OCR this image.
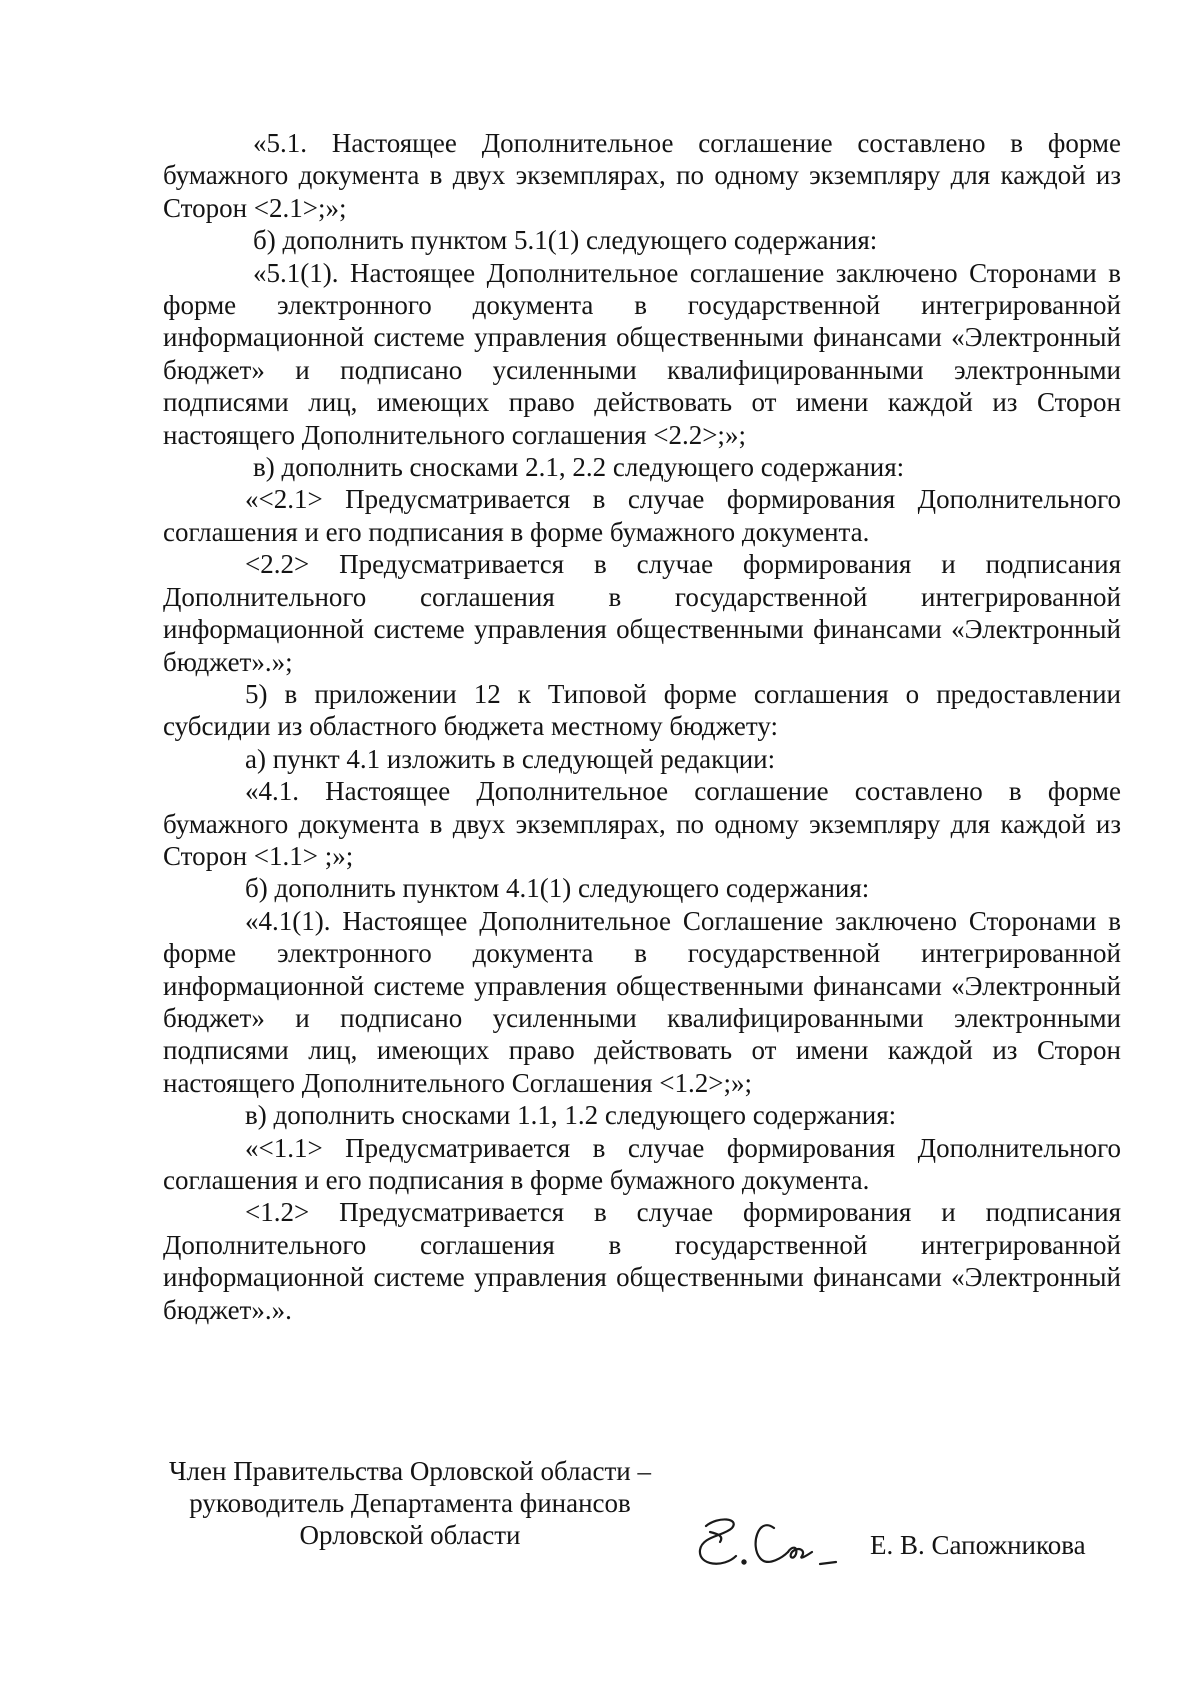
«5.1. Настоящее Дополнительное соглашение составлено в форме бумажного документа в двух экземплярах, по одному экземпляру для каждой из Сторон <2.1>;»;

б) дополнить пунктом 5.1(1) следующего содержания:

«5.1(1). Настоящее Дополнительное соглашение заключено Сторонами в форме электронного документа в государственной интегрированной информационной системе управления общественными финансами «Электронный бюджет» и подписано усиленными квалифицированными электронными подписями лиц, имеющих право действовать от имени каждой из Сторон настоящего Дополнительного соглашения <2.2>;»;

в) дополнить сносками 2.1, 2.2 следующего содержания:

«<2.1> Предусматривается в случае формирования Дополнительного соглашения и его подписания в форме бумажного документа.

<2.2> Предусматривается в случае формирования и подписания Дополнительного соглашения в государственной интегрированной информационной системе управления общественными финансами «Электронный бюджет».»;

5) в приложении 12 к Типовой форме соглашения о предоставлении субсидии из областного бюджета местному бюджету:

а) пункт 4.1 изложить в следующей редакции:

«4.1. Настоящее Дополнительное соглашение составлено в форме бумажного документа в двух экземплярах, по одному экземпляру для каждой из Сторон <1.1> ;»;

б) дополнить пунктом 4.1(1) следующего содержания:

«4.1(1). Настоящее Дополнительное Соглашение заключено Сторонами в форме электронного документа в государственной интегрированной информационной системе управления общественными финансами «Электронный бюджет» и подписано усиленными квалифицированными электронными подписями лиц, имеющих право действовать от имени каждой из Сторон настоящего Дополнительного Соглашения <1.2>;»;

в) дополнить сносками 1.1, 1.2 следующего содержания:

«<1.1> Предусматривается в случае формирования Дополнительного соглашения и его подписания в форме бумажного документа.

<1.2> Предусматривается в случае формирования и подписания Дополнительного соглашения в государственной интегрированной информационной системе управления общественными финансами «Электронный бюджет».».

Член Правительства Орловской области –
руководитель Департамента финансов
Орловской области	Е. В. Сапожникова
